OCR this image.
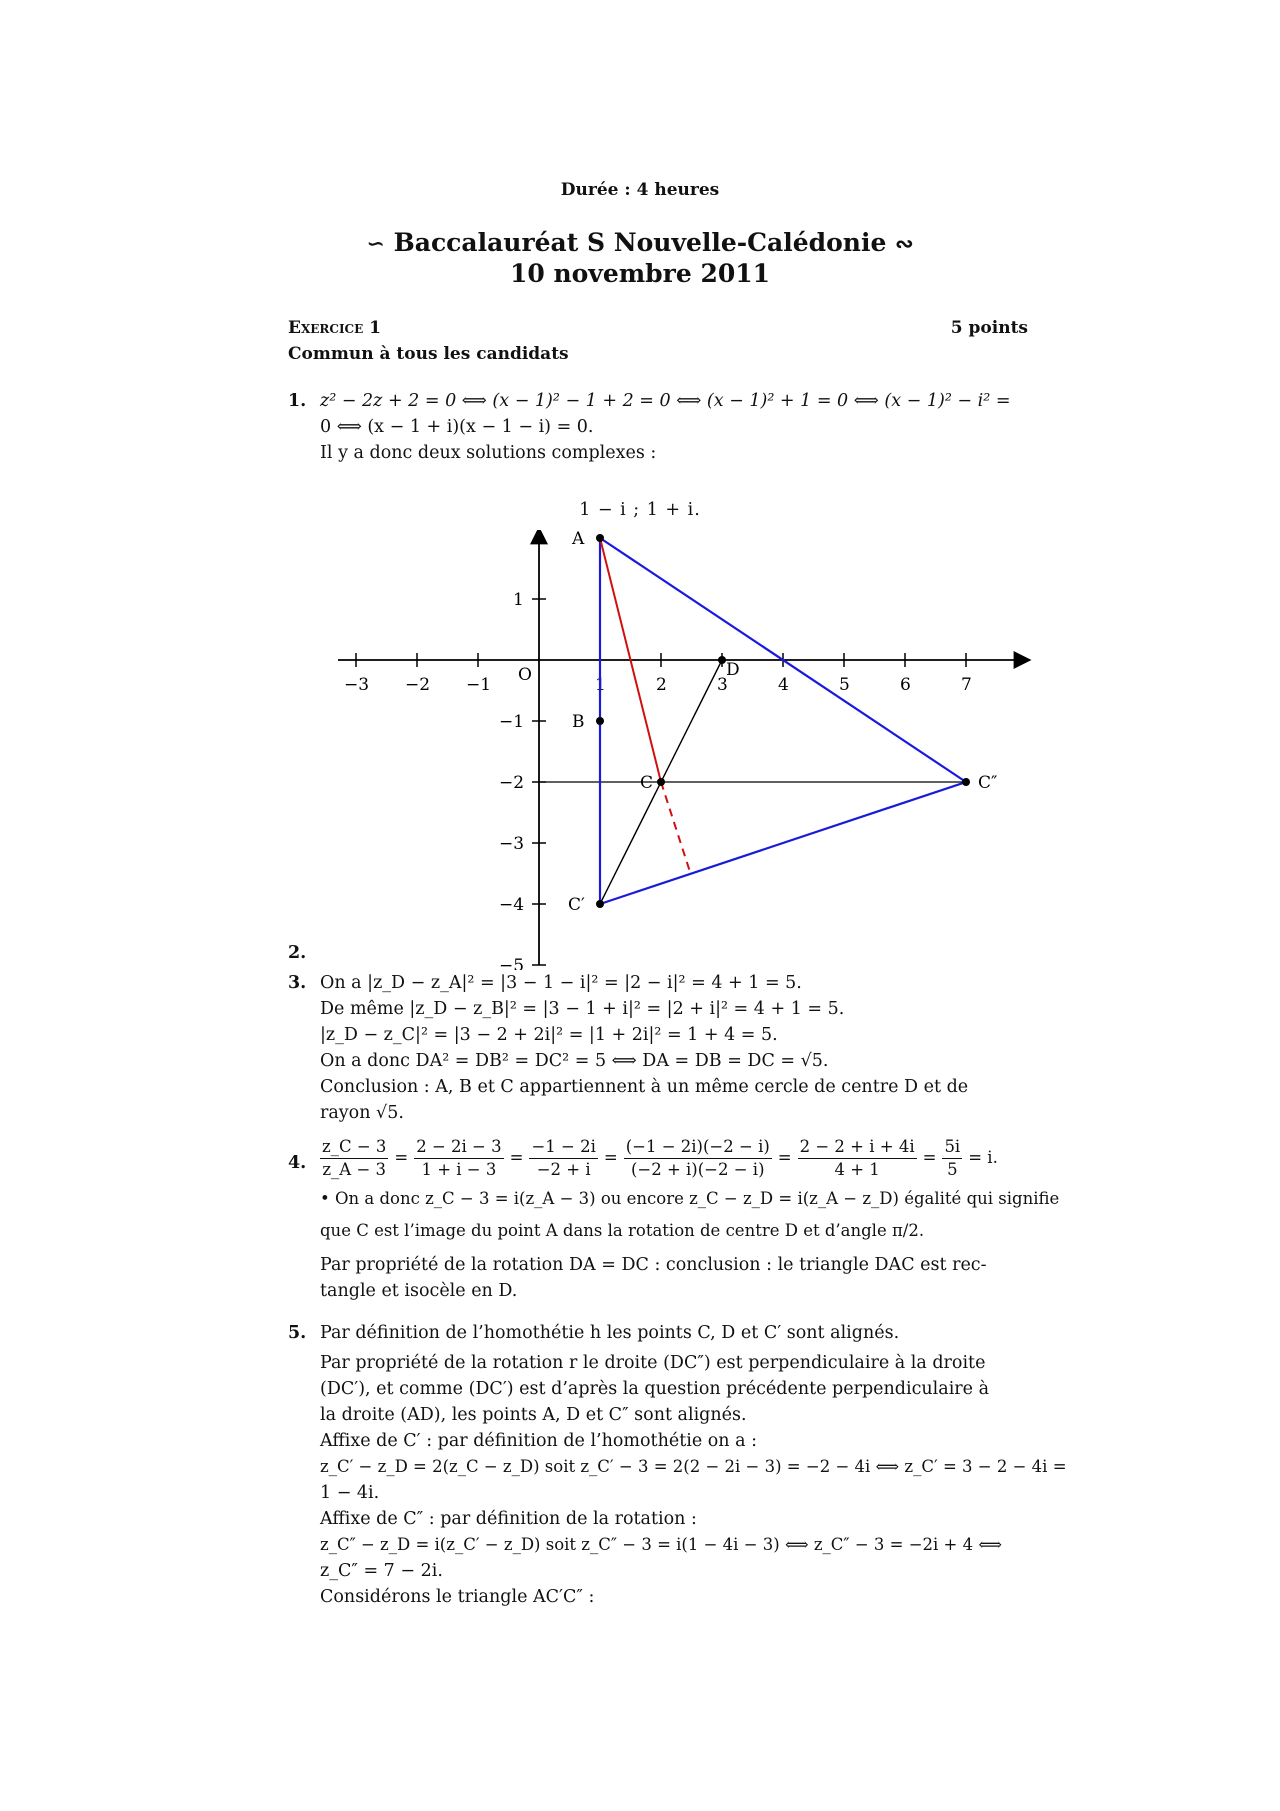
Durée : 4 heures
∽ Baccalauréat S Nouvelle-Calédonie ∾
10 novembre 2011
Exercice 1	5 points
Commun à tous les candidats
1. z² − 2z + 2 = 0 ⟺ (x − 1)² − 1 + 2 = 0 ⟺ (x − 1)² + 1 = 0 ⟺ (x − 1)² − i² =
0 ⟺ (x − 1 + i)(x − 1 − i) = 0.
Il y a donc deux solutions complexes :
1 − i ; 1 + i.
−3 −2 −1	1	2	3	4	5	6	7
1
−1
−2
−3
−4
−5
O
A
B
C
D
C′
C″
2.
3. On a |z_D − z_A|² = |3 − 1 − i|² = |2 − i|² = 4 + 1 = 5.
De même |z_D − z_B|² = |3 − 1 + i|² = |2 + i|² = 4 + 1 = 5.
|z_D − z_C|² = |3 − 2 + 2i|² = |1 + 2i|² = 1 + 4 = 5.
On a donc DA² = DB² = DC² = 5 ⟺ DA = DB = DC = √5.
Conclusion : A, B et C appartiennent à un même cercle de centre D et de
rayon √5.
4. $\frac{z\_C - 3}{z\_A - 3} = \frac{2 - 2i - 3}{1 + i - 3} = \frac{-1 - 2i}{-2 + i} = \frac{(-1 - 2i)(-2 - i)}{(-2 + i)(-2 - i)} = \frac{2 - 2 + i + 4i}{4 + 1} = \frac{5i}{5} = i$.
• On a donc z_C − 3 = i(z_A − 3) ou encore z_C − z_D = i(z_A − z_D) égalité qui signifie
que C est l’image du point A dans la rotation de centre D et d’angle π/2.
Par propriété de la rotation DA = DC : conclusion : le triangle DAC est rec-
tangle et isocèle en D.
5. Par définition de l’homothétie h les points C, D et C′ sont alignés.
Par propriété de la rotation r le droite (DC″) est perpendiculaire à la droite
(DC′), et comme (DC′) est d’après la question précédente perpendiculaire à
la droite (AD), les points A, D et C″ sont alignés.
Affixe de C′ : par définition de l’homothétie on a :
z_C′ − z_D = 2(z_C − z_D) soit z_C′ − 3 = 2(2 − 2i − 3) = −2 − 4i ⟺ z_C′ = 3 − 2 − 4i =
1 − 4i.
Affixe de C″ : par définition de la rotation :
z_C″ − z_D = i(z_C′ − z_D) soit z_C″ − 3 = i(1 − 4i − 3) ⟺ z_C″ − 3 = −2i + 4 ⟺
z_C″ = 7 − 2i.
Considérons le triangle AC′C″ :
